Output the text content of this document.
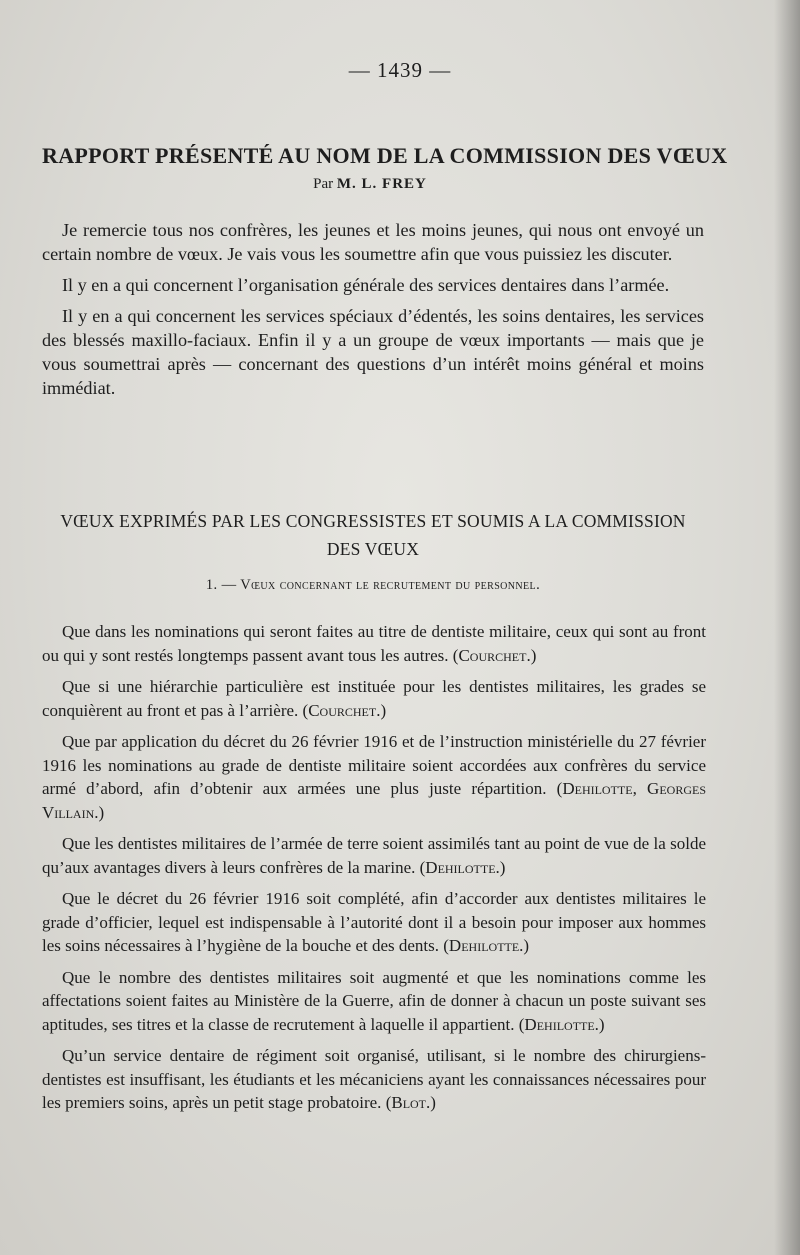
— 1439 —
RAPPORT PRÉSENTÉ AU NOM DE LA COMMISSION DES VŒUX
Par M. L. FREY

Je remercie tous nos confrères, les jeunes et les moins jeunes, qui nous ont envoyé un certain nombre de vœux. Je vais vous les soumettre afin que vous puissiez les discuter.

Il y en a qui concernent l’organisation générale des services dentaires dans l’armée.

Il y en a qui concernent les services spéciaux d’édentés, les soins dentaires, les services des blessés maxillo-faciaux. Enfin il y a un groupe de vœux importants — mais que je vous soumettrai après — concernant des questions d’un intérêt moins général et moins immédiat.

VŒUX EXPRIMÉS PAR LES CONGRESSISTES ET SOUMIS A LA COMMISSION
DES VŒUX
1. — Vœux concernant le recrutement du personnel.

Que dans les nominations qui seront faites au titre de dentiste militaire, ceux qui sont au front ou qui y sont restés longtemps passent avant tous les autres. (Courchet.)

Que si une hiérarchie particulière est instituée pour les dentistes militaires, les grades se conquièrent au front et pas à l’arrière. (Courchet.)

Que par application du décret du 26 février 1916 et de l’instruction ministérielle du 27 février 1916 les nominations au grade de dentiste militaire soient accordées aux confrères du service armé d’abord, afin d’obtenir aux armées une plus juste répartition. (Dehilotte, Georges Villain.)

Que les dentistes militaires de l’armée de terre soient assimilés tant au point de vue de la solde qu’aux avantages divers à leurs confrères de la marine. (Dehilotte.)

Que le décret du 26 février 1916 soit complété, afin d’accorder aux dentistes militaires le grade d’officier, lequel est indispensable à l’autorité dont il a besoin pour imposer aux hommes les soins nécessaires à l’hygiène de la bouche et des dents. (Dehilotte.)

Que le nombre des dentistes militaires soit augmenté et que les nominations comme les affectations soient faites au Ministère de la Guerre, afin de donner à chacun un poste suivant ses aptitudes, ses titres et la classe de recrutement à laquelle il appartient. (Dehilotte.)

Qu’un service dentaire de régiment soit organisé, utilisant, si le nombre des chirurgiens-dentistes est insuffisant, les étudiants et les mécaniciens ayant les connaissances nécessaires pour les premiers soins, après un petit stage probatoire. (Blot.)
